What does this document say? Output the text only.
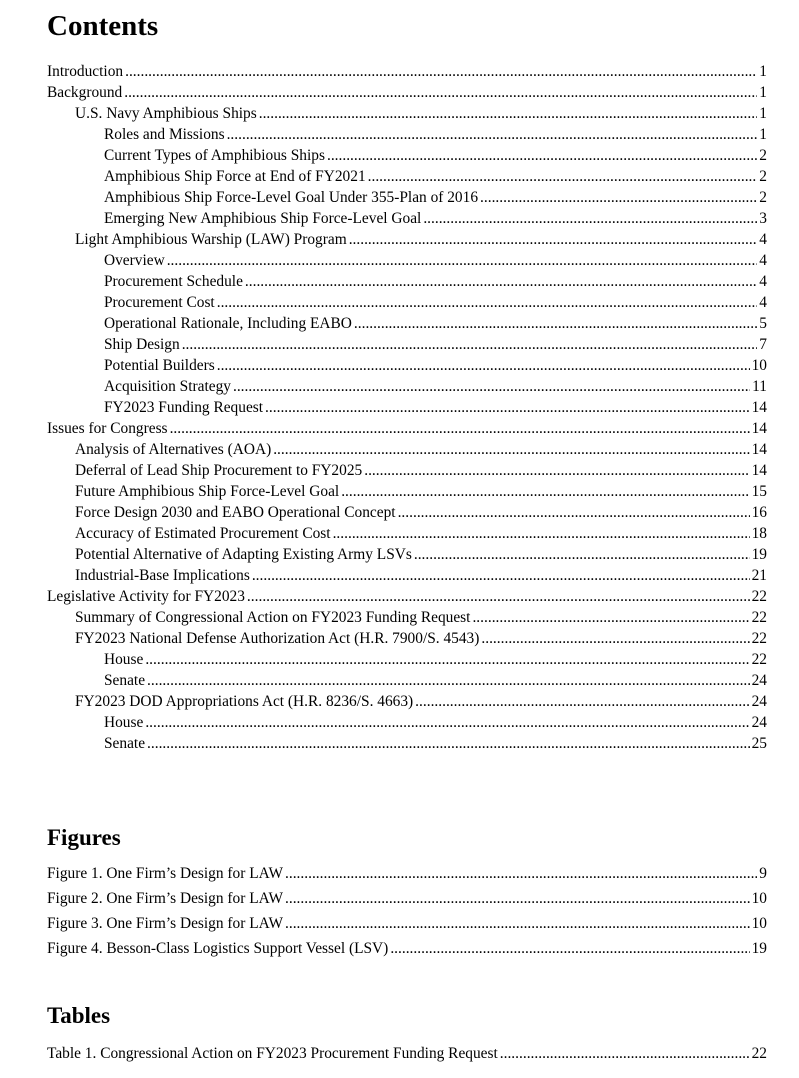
Contents
Introduction .....	1
Background .....	1
U.S. Navy Amphibious Ships .....	1
Roles and Missions .....	1
Current Types of Amphibious Ships .....	2
Amphibious Ship Force at End of FY2021 .....	2
Amphibious Ship Force-Level Goal Under 355-Plan of 2016 .....	2
Emerging New Amphibious Ship Force-Level Goal .....	3
Light Amphibious Warship (LAW) Program .....	4
Overview .....	4
Procurement Schedule .....	4
Procurement Cost .....	4
Operational Rationale, Including EABO .....	5
Ship Design .....	7
Potential Builders .....	10
Acquisition Strategy .....	11
FY2023 Funding Request .....	14
Issues for Congress .....	14
Analysis of Alternatives (AOA) .....	14
Deferral of Lead Ship Procurement to FY2025 .....	14
Future Amphibious Ship Force-Level Goal .....	15
Force Design 2030 and EABO Operational Concept .....	16
Accuracy of Estimated Procurement Cost .....	18
Potential Alternative of Adapting Existing Army LSVs .....	19
Industrial-Base Implications .....	21
Legislative Activity for FY2023 .....	22
Summary of Congressional Action on FY2023 Funding Request .....	22
FY2023 National Defense Authorization Act (H.R. 7900/S. 4543) .....	22
House .....	22
Senate .....	24
FY2023 DOD Appropriations Act (H.R. 8236/S. 4663) .....	24
House .....	24
Senate .....	25
Figures
Figure 1. One Firm’s Design for LAW .....	9
Figure 2. One Firm’s Design for LAW .....	10
Figure 3. One Firm’s Design for LAW .....	10
Figure 4. Besson-Class Logistics Support Vessel (LSV) .....	19
Tables
Table 1. Congressional Action on FY2023 Procurement Funding Request .....	22
